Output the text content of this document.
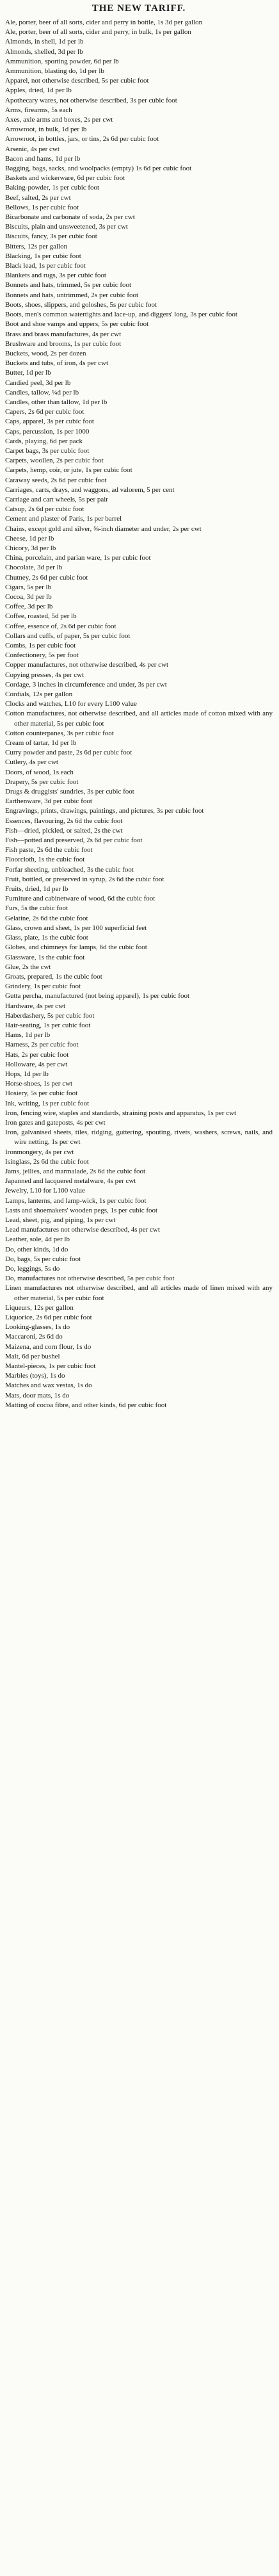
THE NEW TARIFF.

Ale, porter, beer of all sorts, cider and perry in bottle, 1s 3d per gallon

Ale, porter, beer of all sorts, cider and perry, in bulk, 1s per gallon

Almonds, in shell, 1d per lb

Almonds, shelled, 3d per lb

Ammunition, sporting powder, 6d per lb

Ammunition, blasting do, 1d per lb

Apparel, not otherwise described, 5s per cubic foot

Apples, dried, 1d per lb

Apothecary wares, not otherwise described, 3s per cubic foot

Arms, firearms, 5s each

Axes, axle arms and boxes, 2s per cwt

Arrowroot, in bulk, 1d per lb

Arrowroot, in bottles, jars, or tins, 2s 6d per cubic foot

Arsenic, 4s per cwt

Bacon and hams, 1d per lb

Bagging, bags, sacks, and woolpacks (empty) 1s 6d per cubic foot

Baskets and wickerware, 6d per cubic foot

Baking-powder, 1s per cubic foot

Beef, salted, 2s per cwt

Bellows, 1s per cubic foot

Bicarbonate and carbonate of soda, 2s per cwt

Biscuits, plain and unsweetened, 3s per cwt

Biscuits, fancy, 3s per cubic foot

Bitters, 12s per gallon

Blacking, 1s per cubic foot

Black lead, 1s per cubic foot

Blankets and rugs, 3s per cubic foot

Bonnets and hats, trimmed, 5s per cubic foot

Bonnets and hats, untrimmed, 2s per cubic foot

Boots, shoes, slippers, and goloshes, 5s per cubic foot

Boots, men's common watertights and lace-up, and diggers' long, 3s per cubic foot

Boot and shoe vamps and uppers, 5s per cubic foot

Brass and brass manufactures, 4s per cwt

Brushware and brooms, 1s per cubic foot

Buckets, wood, 2s per dozen

Buckets and tubs, of iron, 4s per cwt

Butter, 1d per lb

Candied peel, 3d per lb

Candles, tallow, ¼d per lb

Candles, other than tallow, 1d per lb

Capers, 2s 6d per cubic foot

Caps, apparel, 3s per cubic foot

Caps, percussion, 1s per 1000

Cards, playing, 6d per pack

Carpet bags, 3s per cubic foot

Carpets, woollen, 2s per cubic foot

Carpets, hemp, coir, or jute, 1s per cubic foot

Caraway seeds, 2s 6d per cubic foot

Carriages, carts, drays, and waggons, ad valorem, 5 per cent

Carriage and cart wheels, 5s per pair

Catsup, 2s 6d per cubic foot

Cement and plaster of Paris, 1s per barrel

Chains, except gold and silver, ⅝-inch diameter and under, 2s per cwt

Cheese, 1d per lb

Chicory, 3d per lb

China, porcelain, and parian ware, 1s per cubic foot

Chocolate, 3d per lb

Chutney, 2s 6d per cubic foot

Cigars, 5s per lb

Cocoa, 3d per lb

Coffee, 3d per lb

Coffee, roasted, 5d per lb

Coffee, essence of, 2s 6d per cubic foot

Collars and cuffs, of paper, 5s per cubic foot

Combs, 1s per cubic foot

Confectionery, 5s per foot

Copper manufactures, not otherwise described, 4s per cwt

Copying presses, 4s per cwt

Cordage, 3 inches in circumference and under, 3s per cwt

Cordials, 12s per gallon

Clocks and watches, L10 for every L100 value

Cotton manufactures, not otherwise described, and all articles made of cotton mixed with any other material, 5s per cubic foot

Cotton counterpanes, 3s per cubic foot

Cream of tartar, 1d per lb

Curry powder and paste, 2s 6d per cubic foot

Cutlery, 4s per cwt

Doors, of wood, 1s each

Drapery, 5s per cubic foot

Drugs & druggists' sundries, 3s per cubic foot

Earthenware, 3d per cubic foot

Engravings, prints, drawings, paintings, and pictures, 3s per cubic foot

Essences, flavouring, 2s 6d the cubic foot

Fish—dried, pickled, or salted, 2s the cwt

Fish—potted and preserved, 2s 6d per cubic foot

Fish paste, 2s 6d the cubic foot

Floorcloth, 1s the cubic foot

Forfar sheeting, unbleached, 3s the cubic foot

Fruit, bottled, or preserved in syrup, 2s 6d the cubic foot

Fruits, dried, 1d per lb

Furniture and cabinetware of wood, 6d the cubic foot

Furs, 5s the cubic foot

Gelatine, 2s 6d the cubic foot

Glass, crown and sheet, 1s per 100 superficial feet

Glass, plate, 1s the cubic foot

Globes, and chimneys for lamps, 6d the cubic foot

Glassware, 1s the cubic foot

Glue, 2s the cwt

Groats, prepared, 1s the cubic foot

Grindery, 1s per cubic foot

Gutta percha, manufactured (not being apparel), 1s per cubic foot

Hardware, 4s per cwt

Haberdashery, 5s per cubic foot

Hair-seating, 1s per cubic foot

Hams, 1d per lb

Harness, 2s per cubic foot

Hats, 2s per cubic foot

Holloware, 4s per cwt

Hops, 1d per lb

Horse-shoes, 1s per cwt

Hosiery, 5s per cubic foot

Ink, writing, 1s per cubic foot

Iron, fencing wire, staples and standards, straining posts and apparatus, 1s per cwt

Iron gates and gateposts, 4s per cwt

Iron, galvanised sheets, tiles, ridging, guttering, spouting, rivets, washers, screws, nails, and wire netting, 1s per cwt

Ironmongery, 4s per cwt

Isinglass, 2s 6d the cubic foot

Jams, jellies, and marmalade, 2s 6d the cubic foot

Japanned and lacquered metalware, 4s per cwt

Jewelry, L10 for L100 value

Lamps, lanterns, and lamp-wick, 1s per cubic foot

Lasts and shoemakers' wooden pegs, 1s per cubic foot

Lead, sheet, pig, and piping, 1s per cwt

Lead manufactures not otherwise described, 4s per cwt

Leather, sole, 4d per lb

Do, other kinds, 1d do

Do, bags, 5s per cubic foot

Do, leggings, 5s do

Do, manufactures not otherwise described, 5s per cubic foot

Linen manufactures not otherwise described, and all articles made of linen mixed with any other material, 5s per cubic foot

Liqueurs, 12s per gallon

Liquorice, 2s 6d per cubic foot

Looking-glasses, 1s do

Maccaroni, 2s 6d do

Maizena, and corn flour, 1s do

Malt, 6d per bushel

Mantel-pieces, 1s per cubic foot

Marbles (toys), 1s do

Matches and wax vestas, 1s do

Mats, door mats, 1s do

Matting of cocoa fibre, and other kinds, 6d per cubic foot
